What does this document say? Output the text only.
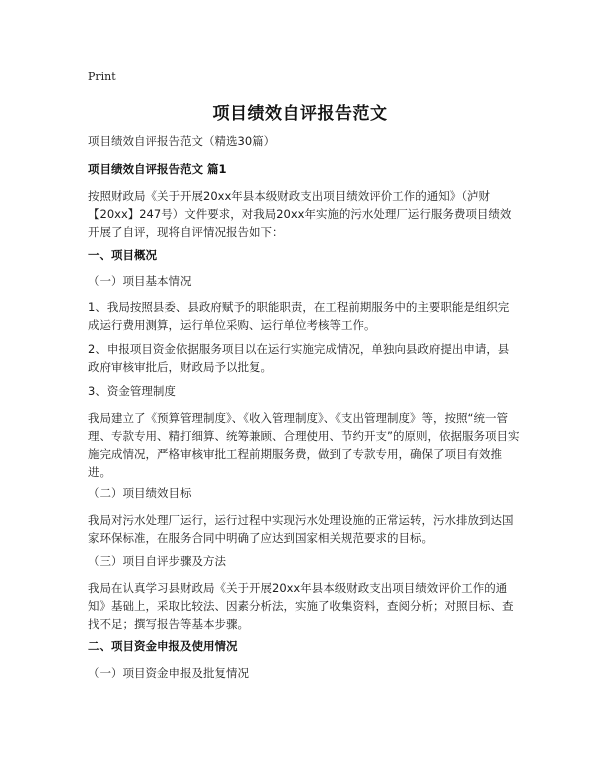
Print
项目绩效自评报告范文

项目绩效自评报告范文（精选30篇）

项目绩效自评报告范文 篇1

按照财政局《关于开展20xx年县本级财政支出项目绩效评价工作的通知》（泸财【20xx】247号）文件要求，对我局20xx年实施的污水处理厂运行服务费项目绩效开展了自评，现将自评情况报告如下：

一、项目概况

（一）项目基本情况

1、我局按照县委、县政府赋予的职能职责，在工程前期服务中的主要职能是组织完成运行费用测算，运行单位采购、运行单位考核等工作。

2、申报项目资金依据服务项目以在运行实施完成情况，单独向县政府提出申请，县政府审核审批后，财政局予以批复。

3、资金管理制度

我局建立了《预算管理制度》、《收入管理制度》、《支出管理制度》等，按照“统一管理、专款专用、精打细算、统筹兼顾、合理使用、节约开支”的原则，依据服务项目实施完成情况，严格审核审批工程前期服务费，做到了专款专用，确保了项目有效推进。

（二）项目绩效目标

我局对污水处理厂运行，运行过程中实现污水处理设施的正常运转，污水排放到达国家环保标准，在服务合同中明确了应达到国家相关规范要求的目标。

（三）项目自评步骤及方法

我局在认真学习县财政局《关于开展20xx年县本级财政支出项目绩效评价工作的通知》基础上，采取比较法、因素分析法，实施了收集资料，查阅分析；对照目标、查找不足；撰写报告等基本步骤。

二、项目资金申报及使用情况

（一）项目资金申报及批复情况
